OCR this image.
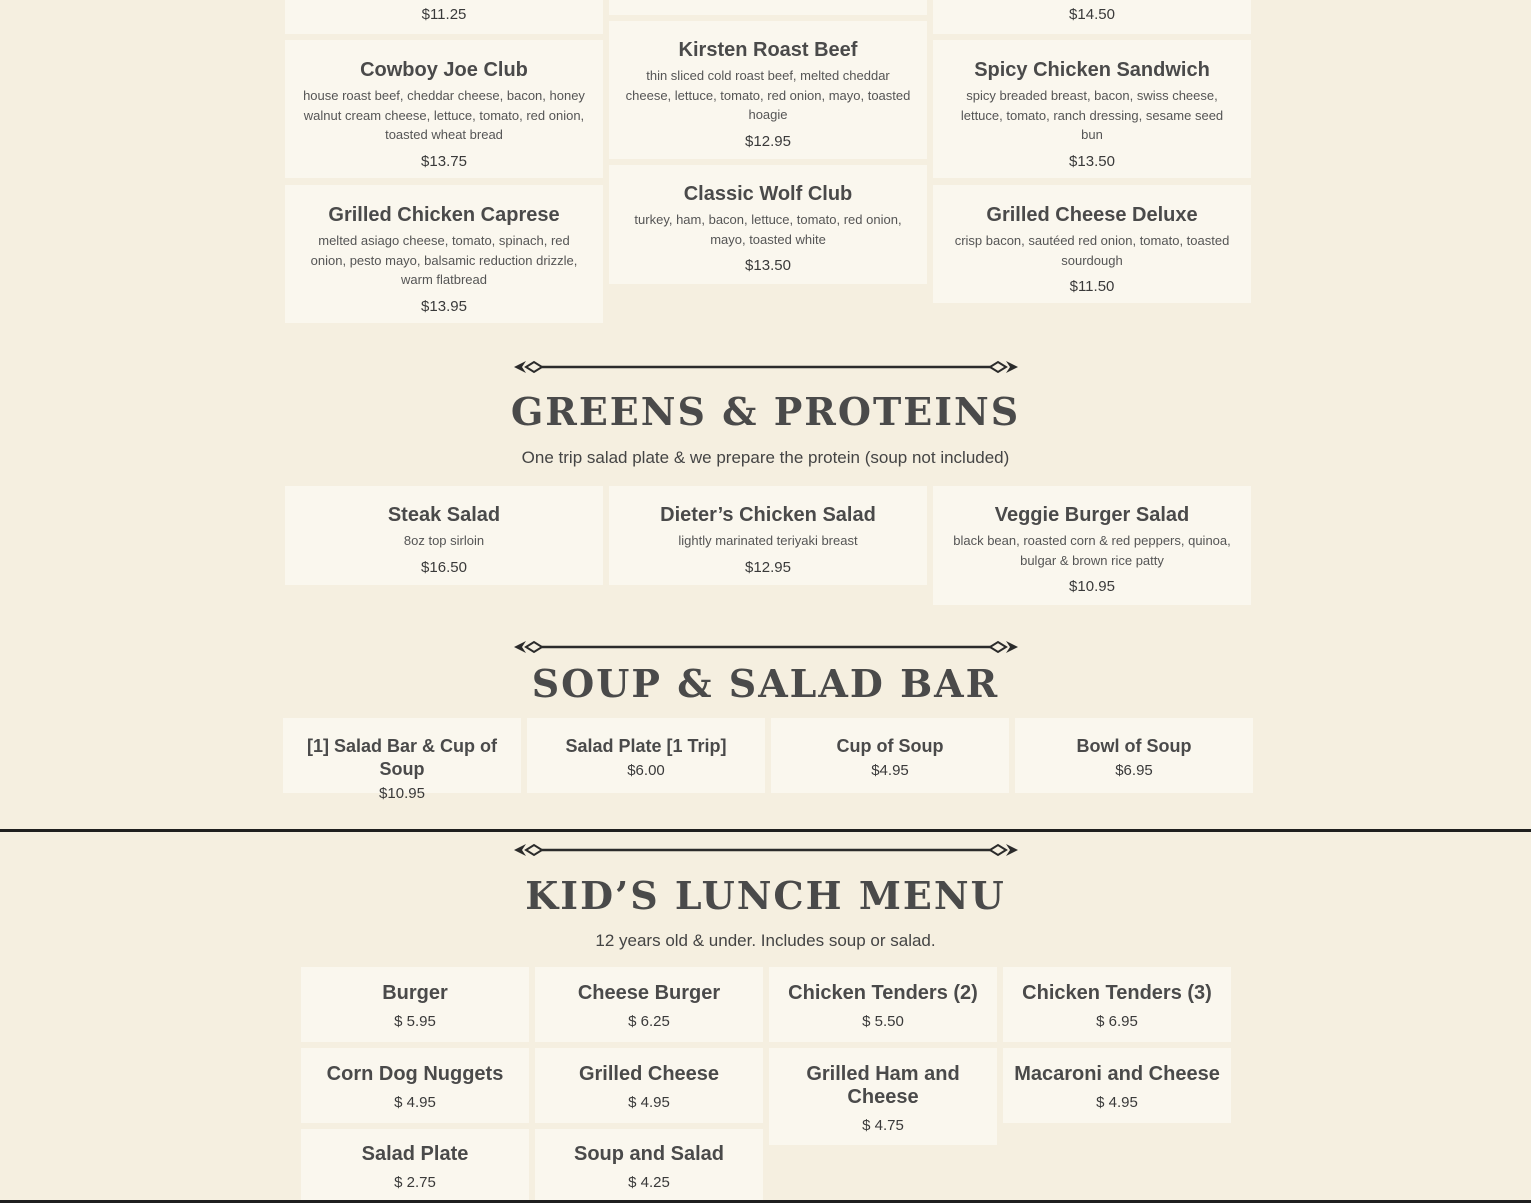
$11.25	$14.50
Cowboy Joe Club
house roast beef, cheddar cheese, bacon, honey walnut cream cheese, lettuce, tomato, red onion, toasted wheat bread
$13.75
Grilled Chicken Caprese
melted asiago cheese, tomato, spinach, red onion, pesto mayo, balsamic reduction drizzle, warm flatbread
$13.95
Kirsten Roast Beef
thin sliced cold roast beef, melted cheddar cheese, lettuce, tomato, red onion, mayo, toasted hoagie
$12.95
Classic Wolf Club
turkey, ham, bacon, lettuce, tomato, red onion, mayo, toasted white
$13.50
Spicy Chicken Sandwich
spicy breaded breast, bacon, swiss cheese, lettuce, tomato, ranch dressing, sesame seed bun
$13.50
Grilled Cheese Deluxe
crisp bacon, sautéed red onion, tomato, toasted sourdough
$11.50
GREENS & PROTEINS
One trip salad plate & we prepare the protein (soup not included)
Steak Salad
8oz top sirloin
$16.50
Dieter’s Chicken Salad
lightly marinated teriyaki breast
$12.95
Veggie Burger Salad
black bean, roasted corn & red peppers, quinoa, bulgar & brown rice patty
$10.95
SOUP & SALAD BAR
[1] Salad Bar & Cup of Soup
$10.95
Salad Plate [1 Trip]
$6.00
Cup of Soup
$4.95
Bowl of Soup
$6.95
KID’S LUNCH MENU
12 years old & under. Includes soup or salad.
Burger
$ 5.95
Cheese Burger
$ 6.25
Chicken Tenders (2)
$ 5.50
Chicken Tenders (3)
$ 6.95
Corn Dog Nuggets
$ 4.95
Grilled Cheese
$ 4.95
Grilled Ham and Cheese
$ 4.75
Macaroni and Cheese
$ 4.95
Salad Plate
$ 2.75
Soup and Salad
$ 4.25
